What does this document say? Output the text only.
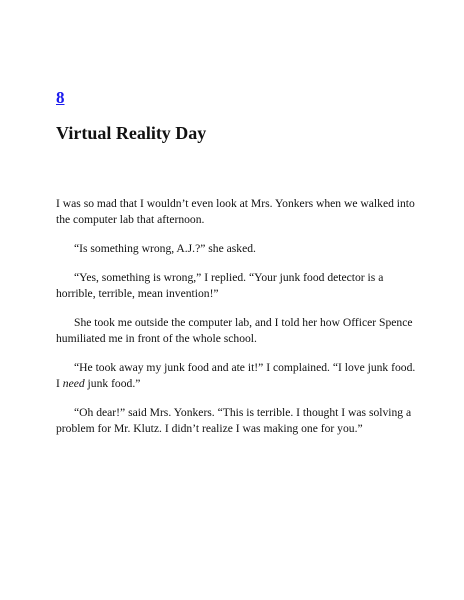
8
Virtual Reality Day

I was so mad that I wouldn’t even look at Mrs. Yonkers when we walked into the computer lab that afternoon.

“Is something wrong, A.J.?” she asked.

“Yes, something is wrong,” I replied. “Your junk food detector is a horrible, terrible, mean invention!”

She took me outside the computer lab, and I told her how Officer Spence humiliated me in front of the whole school.

“He took away my junk food and ate it!” I complained. “I love junk food. I need junk food.”

“Oh dear!” said Mrs. Yonkers. “This is terrible. I thought I was solving a problem for Mr. Klutz. I didn’t realize I was making one for you.”
